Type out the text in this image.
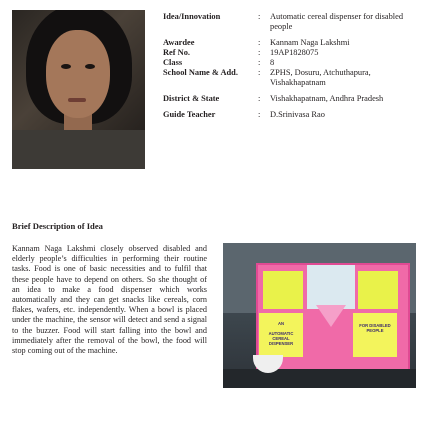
Idea/Innovation	:	Automatic cereal dispenser for disabled people
Awardee	:	Kannam Naga Lakshmi
Ref No.	:	19AP1828075
Class	:	8
School Name & Add.	:	ZPHS, Dosuru, Atchuthapura, Vishakhapatnam
District & State	:	Vishakhapatnam, Andhra Pradesh
Guide Teacher	:	D.Srinivasa Rao
Brief Description of Idea

Kannam Naga Lakshmi closely observed disabled and elderly people’s difficulties in performing their routine tasks. Food is one of basic necessities and to fulfil that these people have to depend on others. So she thought of an idea to make a food dispenser which works automatically and they can get snacks like cereals, corn flakes, wafers, etc. independently. When a bowl is placed under the machine, the sensor will detect and send a signal to the buzzer. Food will start falling into the bowl and immediately after the removal of the bowl, the food will stop coming out of the machine.

AN
AUTOMATIC CEREAL DISPENSER
FOR DISABLED PEOPLE
